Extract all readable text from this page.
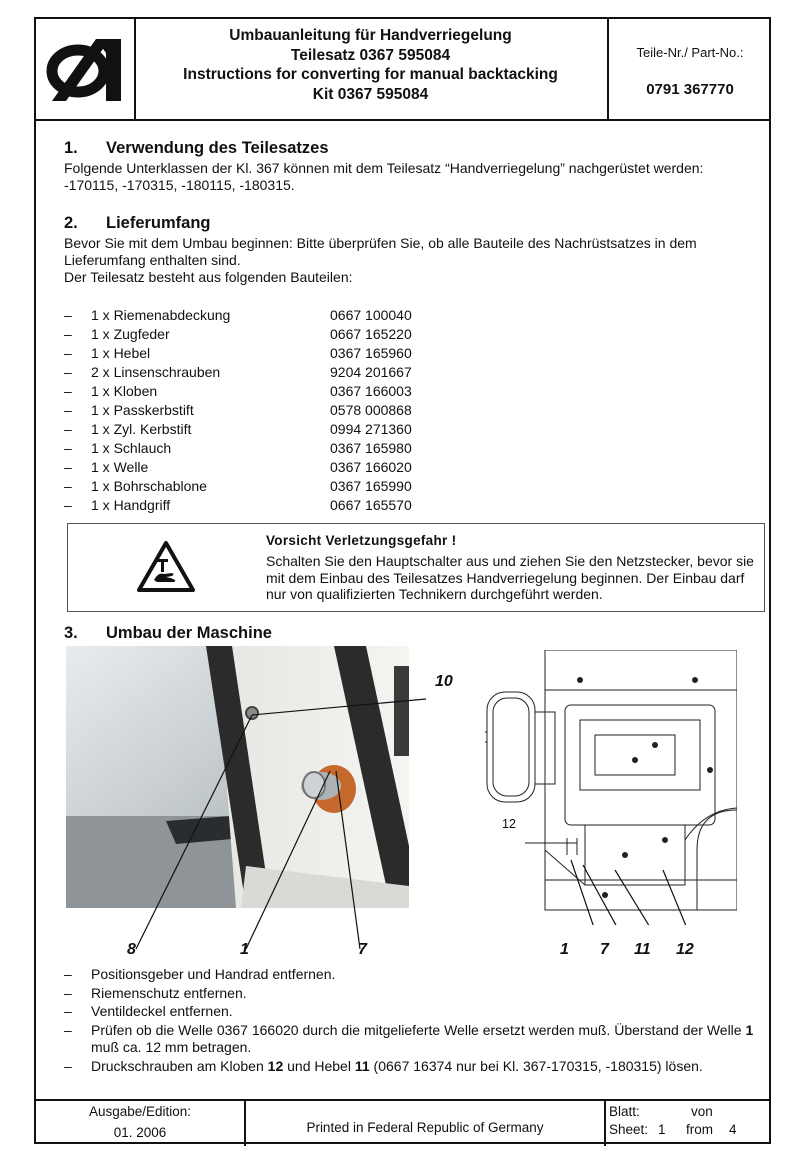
Umbauanleitung für Handverriegelung
Teilesatz 0367 595084
Instructions for converting for manual backtacking
Kit 0367 595084
Teile-Nr./ Part-No.:
0791 367770
1. Verwendung des Teilesatzes
Folgende Unterklassen der Kl. 367 können mit dem Teilesatz “Handverriegelung” nachgerüstet werden: -170115, -170315, -180115, -180315.
2. Lieferumfang
Bevor Sie mit dem Umbau beginnen: Bitte überprüfen Sie, ob alle Bauteile des Nachrüstsatzes in dem Lieferumfang enthalten sind.
Der Teilesatz besteht aus folgenden Bauteilen:
– 1 x Riemenabdeckung	0667 100040
– 1 x Zugfeder	0667 165220
– 1 x Hebel	0367 165960
– 2 x Linsenschrauben	9204 201667
– 1 x Kloben	0367 166003
– 1 x Passkerbstift	0578 000868
– 1 x Zyl. Kerbstift	0994 271360
– 1 x Schlauch	0367 165980
– 1 x Welle	0367 166020
– 1 x Bohrschablone	0367 165990
– 1 x Handgriff	0667 165570
Vorsicht Verletzungsgefahr !
Schalten Sie den Hauptschalter aus und ziehen Sie den Netzstecker, bevor sie mit dem Einbau des Teilesatzes Handverriegelung beginnen. Der Einbau darf nur von qualifizierten Technikern durchgeführt werden.
3. Umbau der Maschine
10
8	1	7
12
1 7 11 12
– Positionsgeber und Handrad entfernen.
– Riemenschutz entfernen.
– Ventildeckel entfernen.
– Prüfen ob die Welle 0367 166020 durch die mitgelieferte Welle ersetzt werden muß. Überstand der Welle 1 muß ca. 12 mm betragen.
– Druckschrauben am Kloben 12 und Hebel 11 (0667 16374 nur bei Kl. 367-170315, -180315) lösen.
Ausgabe/Edition:
01. 2006	Printed in Federal Republic of Germany
Blatt:	von
Sheet: 1 from 4
